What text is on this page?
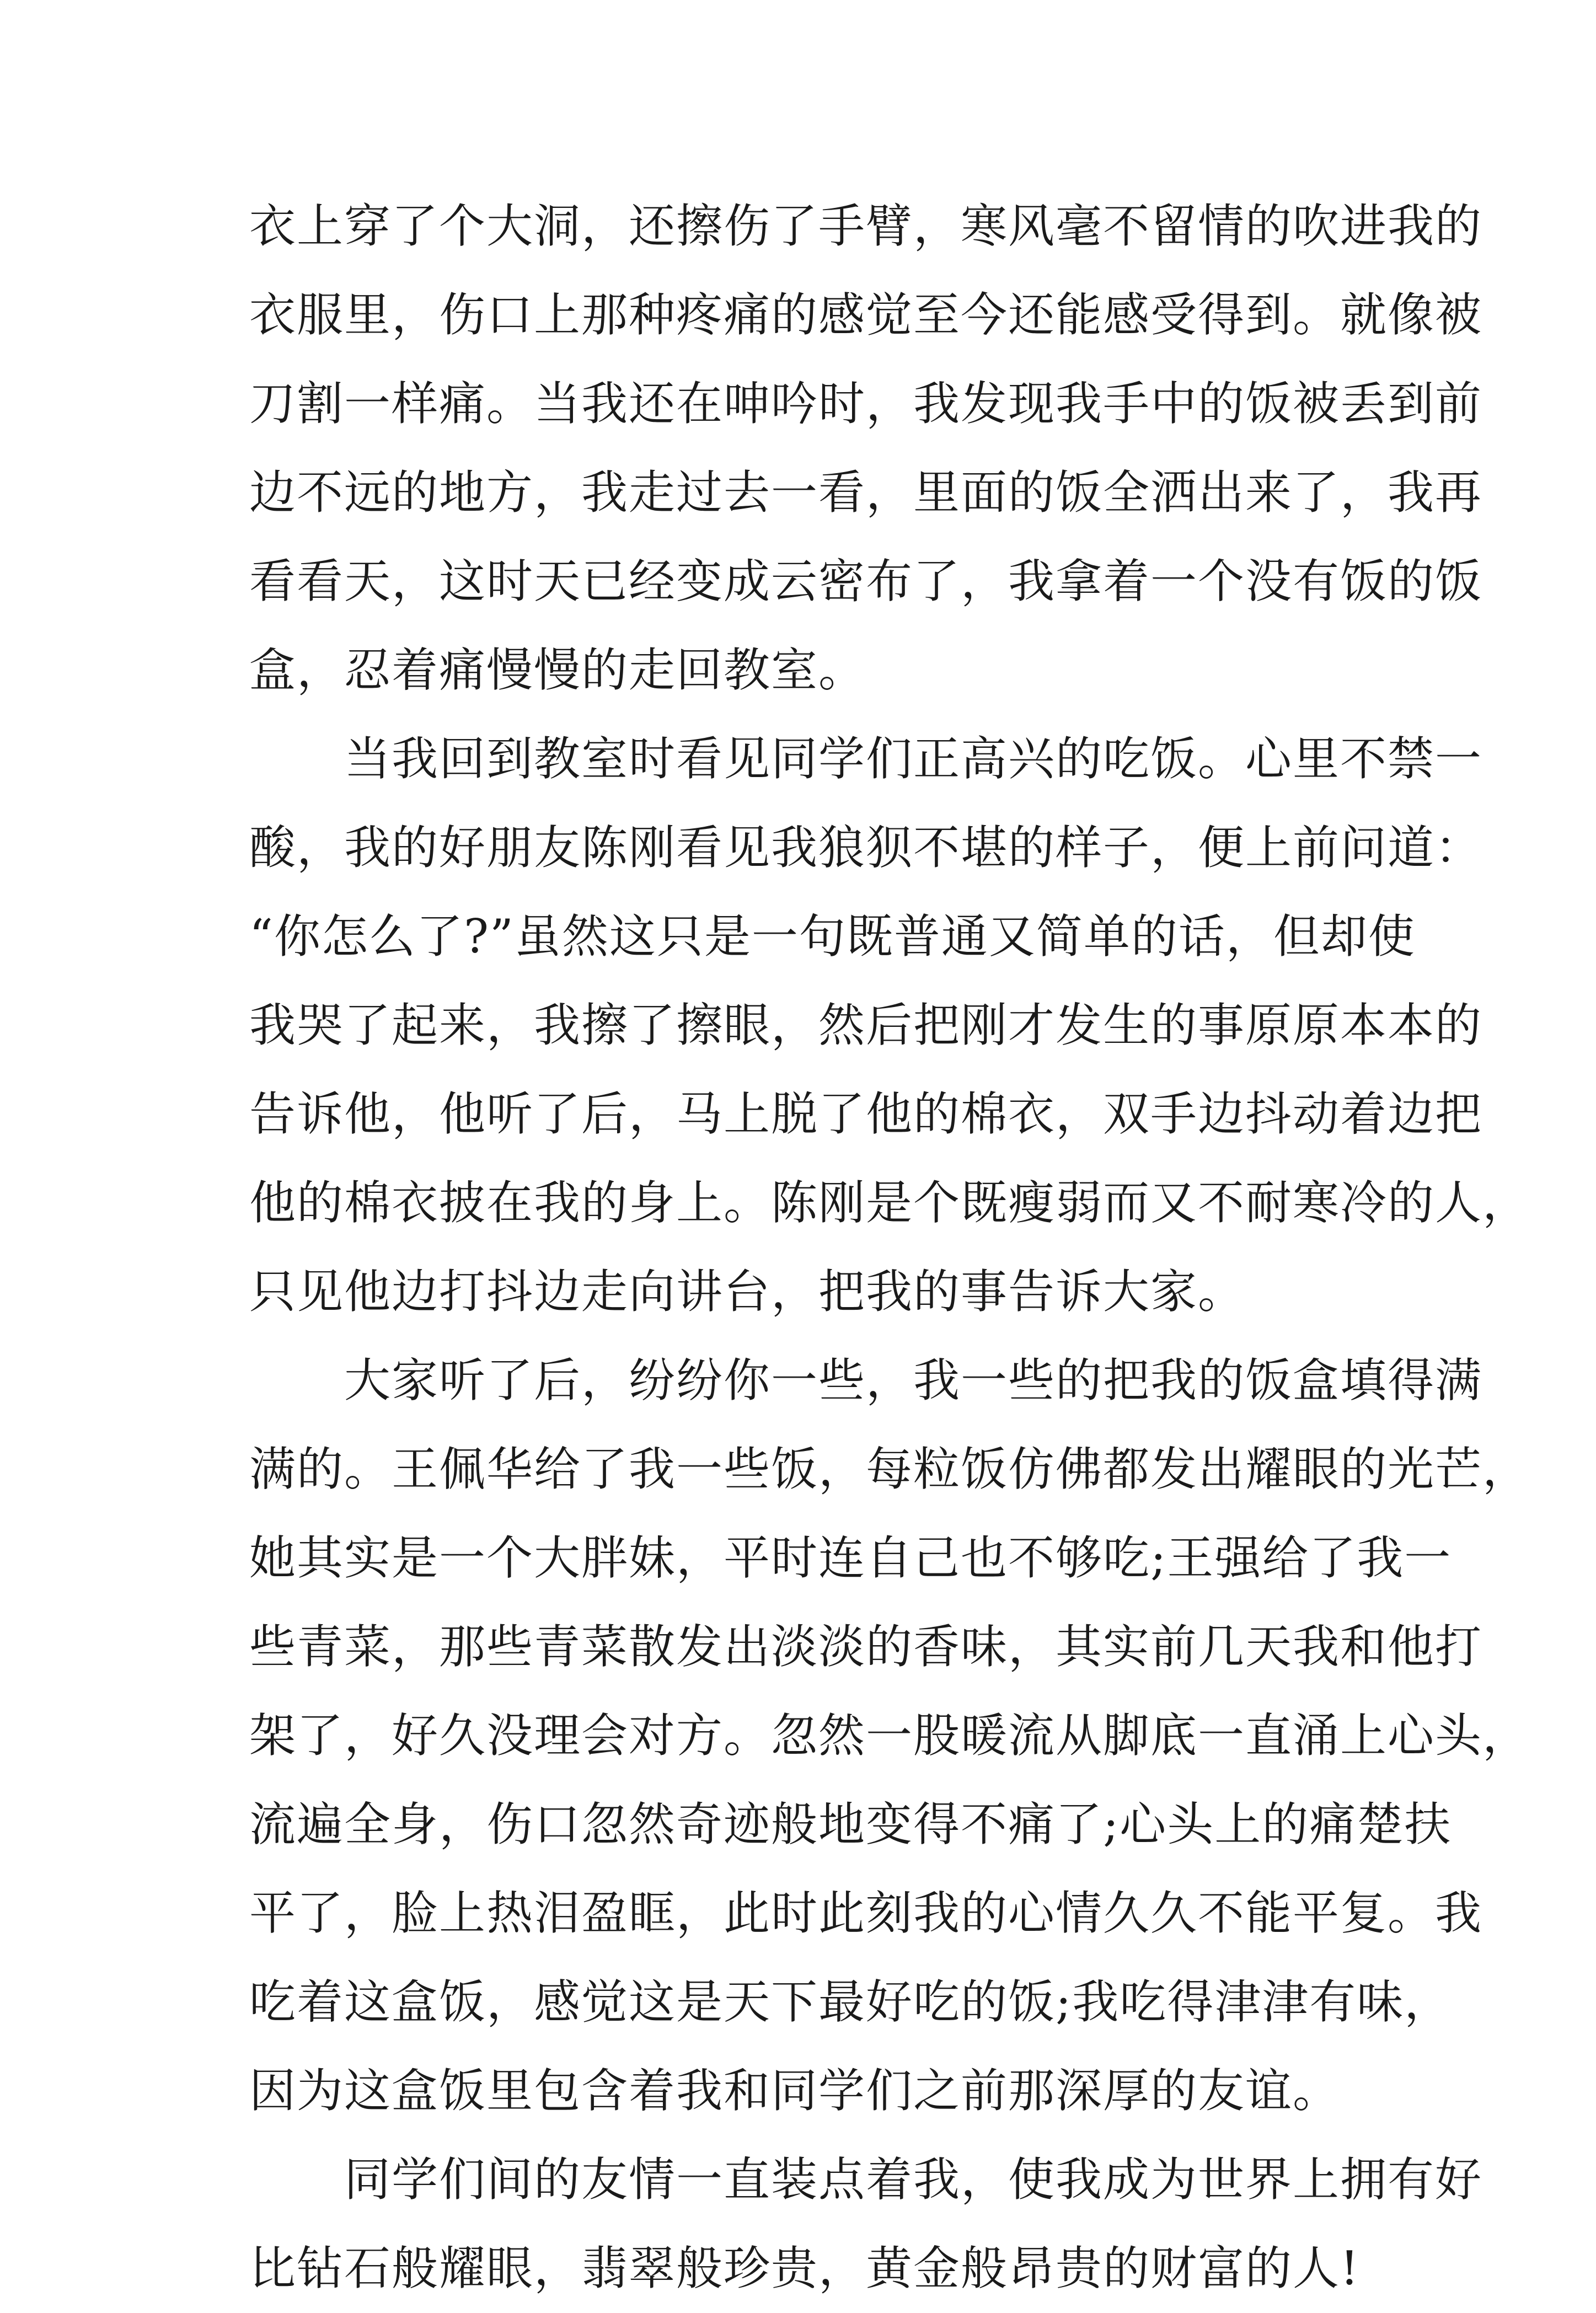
衣上穿了个大洞，还擦伤了手臂，寒风毫不留情的吹进我的
衣服里，伤口上那种疼痛的感觉至今还能感受得到。就像被
刀割一样痛。当我还在呻吟时，我发现我手中的饭被丢到前
边不远的地方，我走过去一看，里面的饭全洒出来了，我再
看看天，这时天已经变成云密布了，我拿着一个没有饭的饭
盒，忍着痛慢慢的走回教室。
　　当我回到教室时看见同学们正高兴的吃饭。心里不禁一
酸，我的好朋友陈刚看见我狼狈不堪的样子，便上前问道：
“你怎么了?”虽然这只是一句既普通又简单的话，但却使
我哭了起来，我擦了擦眼，然后把刚才发生的事原原本本的
告诉他，他听了后，马上脱了他的棉衣，双手边抖动着边把
他的棉衣披在我的身上。陈刚是个既瘦弱而又不耐寒冷的人，
只见他边打抖边走向讲台，把我的事告诉大家。
　　大家听了后，纷纷你一些，我一些的把我的饭盒填得满
满的。王佩华给了我一些饭，每粒饭仿佛都发出耀眼的光芒，
她其实是一个大胖妹，平时连自己也不够吃;王强给了我一
些青菜，那些青菜散发出淡淡的香味，其实前几天我和他打
架了，好久没理会对方。忽然一股暖流从脚底一直涌上心头，
流遍全身，伤口忽然奇迹般地变得不痛了;心头上的痛楚扶
平了，脸上热泪盈眶，此时此刻我的心情久久不能平复。我
吃着这盒饭，感觉这是天下最好吃的饭;我吃得津津有味，
因为这盒饭里包含着我和同学们之前那深厚的友谊。
　　同学们间的友情一直装点着我，使我成为世界上拥有好
比钻石般耀眼，翡翠般珍贵，黄金般昂贵的财富的人!
